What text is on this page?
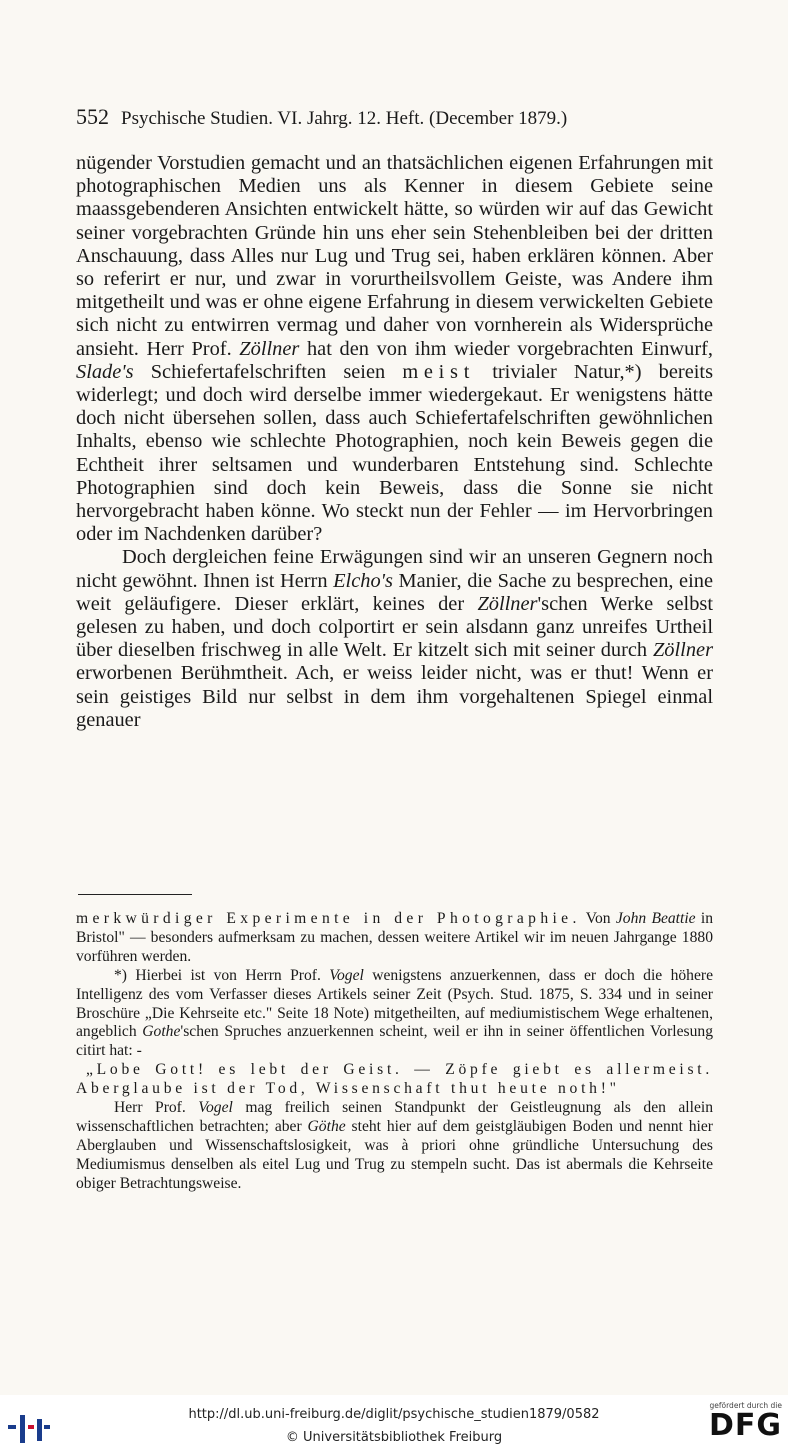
552 Psychische Studien. VI. Jahrg. 12. Heft. (December 1879.)

nügender Vorstudien gemacht und an thatsächlichen eigenen Erfahrungen mit photographischen Medien uns als Kenner in diesem Gebiete seine maassgebenderen Ansichten entwickelt hätte, so würden wir auf das Gewicht seiner vorgebrachten Gründe hin uns eher sein Stehenbleiben bei der dritten Anschauung, dass Alles nur Lug und Trug sei, haben erklären können. Aber so referirt er nur, und zwar in vorurtheilsvollem Geiste, was Andere ihm mitgetheilt und was er ohne eigene Erfahrung in diesem verwickelten Gebiete sich nicht zu entwirren vermag und daher von vornherein als Widersprüche ansieht. Herr Prof. Zöllner hat den von ihm wieder vorgebrachten Einwurf, Slade's Schiefertafelschriften seien meist trivialer Natur,*) bereits widerlegt; und doch wird derselbe immer wiedergekaut. Er wenigstens hätte doch nicht übersehen sollen, dass auch Schiefertafelschriften gewöhnlichen Inhalts, ebenso wie schlechte Photographien, noch kein Beweis gegen die Echtheit ihrer seltsamen und wunderbaren Entstehung sind. Schlechte Photographien sind doch kein Beweis, dass die Sonne sie nicht hervorgebracht haben könne. Wo steckt nun der Fehler — im Hervorbringen oder im Nachdenken darüber?

Doch dergleichen feine Erwägungen sind wir an unseren Gegnern noch nicht gewöhnt. Ihnen ist Herrn Elcho's Manier, die Sache zu besprechen, eine weit geläufigere. Dieser erklärt, keines der Zöllner'schen Werke selbst gelesen zu haben, und doch colportirt er sein alsdann ganz unreifes Urtheil über dieselben frischweg in alle Welt. Er kitzelt sich mit seiner durch Zöllner erworbenen Berühmtheit. Ach, er weiss leider nicht, was er thut! Wenn er sein geistiges Bild nur selbst in dem ihm vorgehaltenen Spiegel einmal genauer

merkwürdiger Experimente in der Photographie. Von John Beattie in Bristol" — besonders aufmerksam zu machen, dessen weitere Artikel wir im neuen Jahrgange 1880 vorführen werden.

*) Hierbei ist von Herrn Prof. Vogel wenigstens anzuerkennen, dass er doch die höhere Intelligenz des vom Verfasser dieses Artikels seiner Zeit (Psych. Stud. 1875, S. 334 und in seiner Broschüre „Die Kehrseite etc." Seite 18 Note) mitgetheilten, auf mediumistischem Wege erhaltenen, angeblich Gothe'schen Spruches anzuerkennen scheint, weil er ihn in seiner öffentlichen Vorlesung citirt hat: -

„Lobe Gott! es lebt der Geist. — Zöpfe giebt es allermeist. Aberglaube ist der Tod, Wissenschaft thut heute noth!"

Herr Prof. Vogel mag freilich seinen Standpunkt der Geistleugnung als den allein wissenschaftlichen betrachten; aber Göthe steht hier auf dem geistgläubigen Boden und nennt hier Aberglauben und Wissenschaftslosigkeit, was à priori ohne gründliche Untersuchung des Mediumismus denselben als eitel Lug und Trug zu stempeln sucht. Das ist abermals die Kehrseite obiger Betrachtungsweise.

http://dl.ub.uni-freiburg.de/diglit/psychische_studien1879/0582
© Universitätsbibliothek Freiburg
gefördert durch die
DFG
